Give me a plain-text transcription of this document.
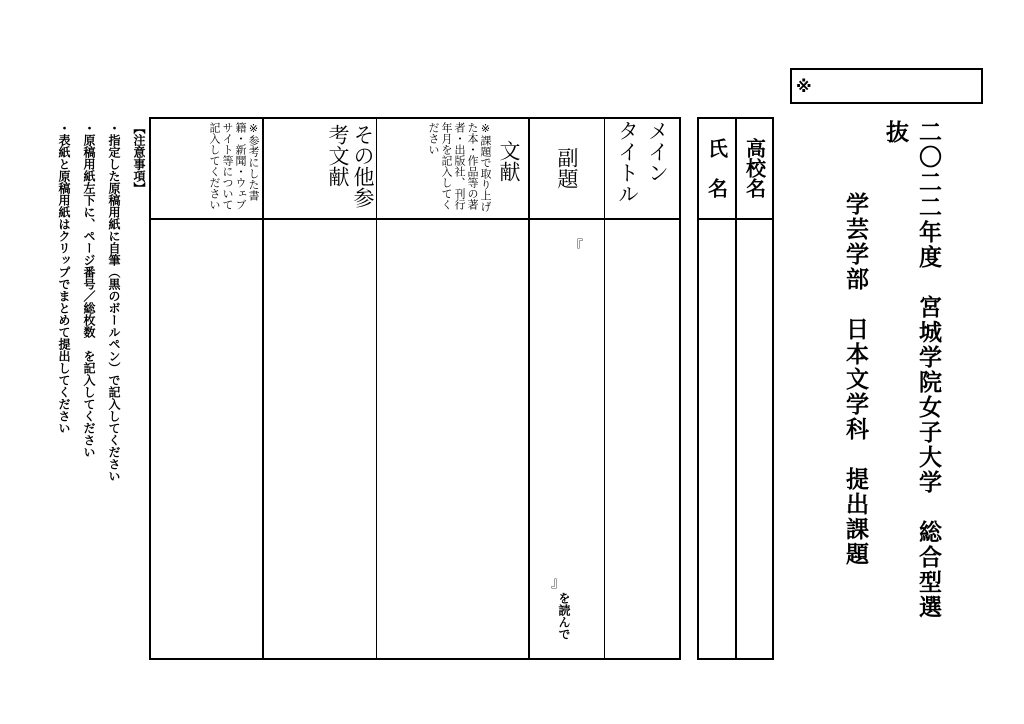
※
二〇二二年度　宮城学院女子大学　総合型選抜
学芸学部　日本文学科　提出課題
高校名
氏　名
メイン タイトル
副題
文献
※課題で取り上げた本・作品等の著者・出版社、刊行年月を記入してください
その他参考文献
※参考にした書籍・新聞・ウェブサイト等について記入してください
『
』
を読んで
【注意事項】
・指定した原稿用紙に自筆（黒のボールペン）で記入してください
・原稿用紙左下に、ページ番号／総枚数　を記入してください
・表紙と原稿用紙はクリップでまとめて提出してください
